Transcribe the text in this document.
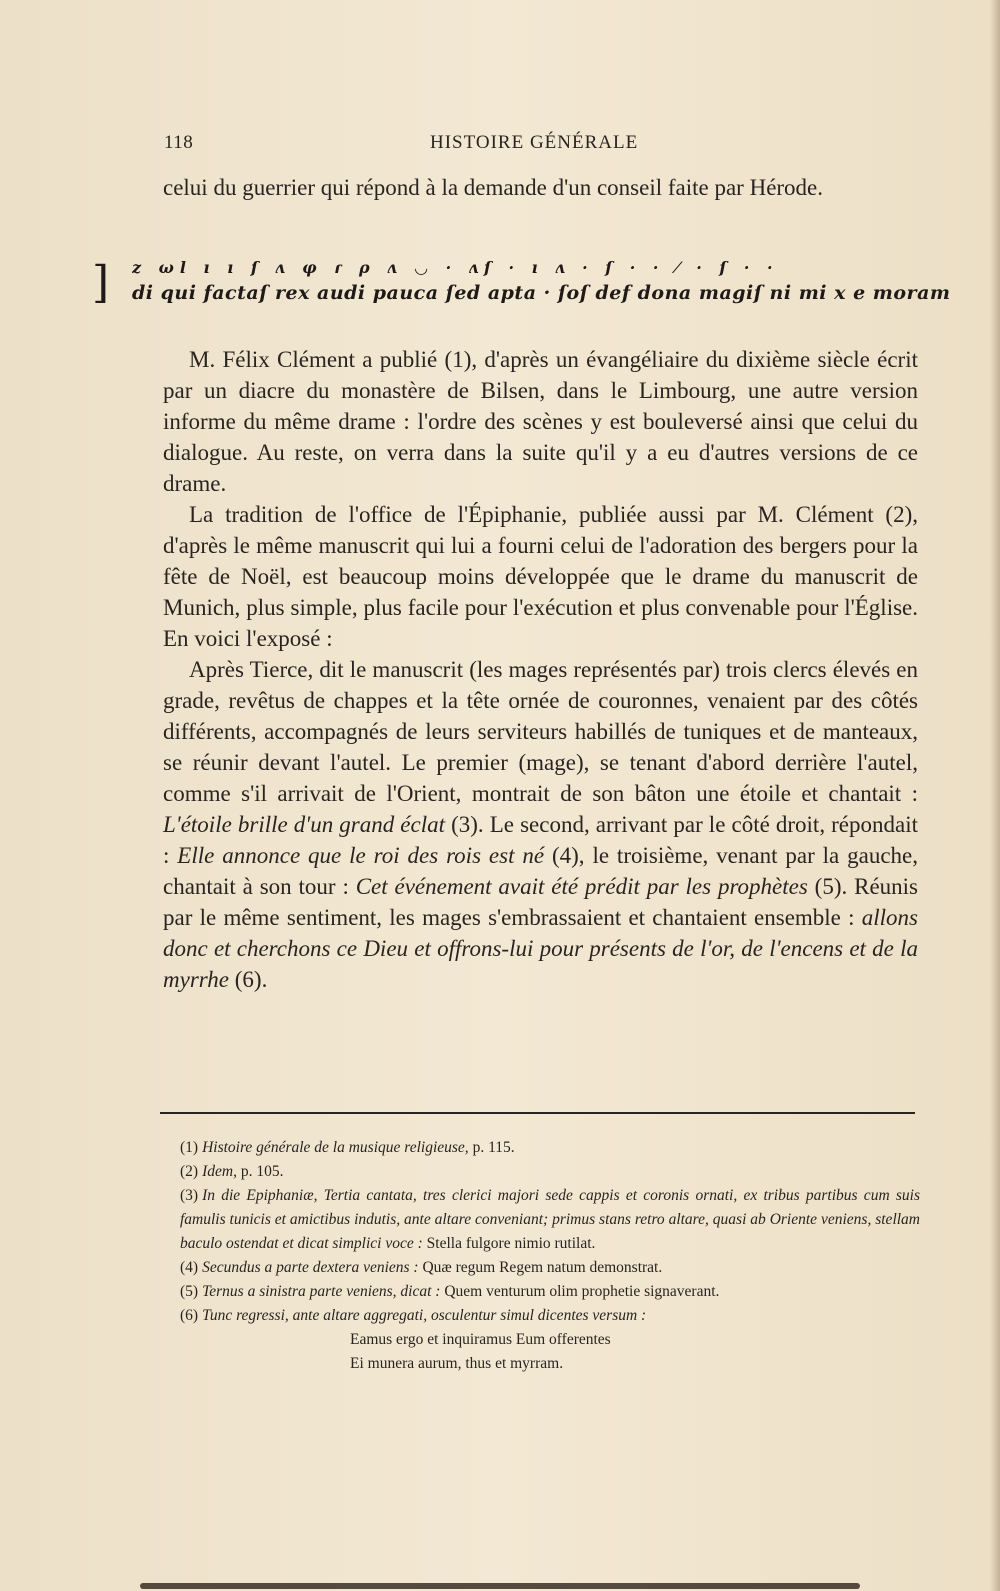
118	HISTOIRE GÉNÉRALE
celui du guerrier qui répond à la demande d'un conseil faite par Hérode.
] z ωl ı ı ſ ʌ φ ɾ ρ ʌ ◡ · ʌſ · ı ʌ · ſ · · ⁄ · ſ · ·
di qui factaſ rex audi pauca ſed apta · ſoſ def dona magiſ ni mi x e moram

M. Félix Clément a publié (1), d'après un évangéliaire du dixième siècle écrit par un diacre du monastère de Bilsen, dans le Limbourg, une autre version informe du même drame : l'ordre des scènes y est bouleversé ainsi que celui du dialogue. Au reste, on verra dans la suite qu'il y a eu d'autres versions de ce drame.

La tradition de l'office de l'Épiphanie, publiée aussi par M. Clément (2), d'après le même manuscrit qui lui a fourni celui de l'adoration des bergers pour la fête de Noël, est beaucoup moins développée que le drame du manuscrit de Munich, plus simple, plus facile pour l'exécution et plus convenable pour l'Église. En voici l'exposé :

Après Tierce, dit le manuscrit (les mages représentés par) trois clercs élevés en grade, revêtus de chappes et la tête ornée de couronnes, venaient par des côtés différents, accompagnés de leurs serviteurs habillés de tuniques et de manteaux, se réunir devant l'autel. Le premier (mage), se tenant d'abord derrière l'autel, comme s'il arrivait de l'Orient, montrait de son bâton une étoile et chantait : L'étoile brille d'un grand éclat (3). Le second, arrivant par le côté droit, répondait : Elle annonce que le roi des rois est né (4), le troisième, venant par la gauche, chantait à son tour : Cet événement avait été prédit par les prophètes (5). Réunis par le même sentiment, les mages s'embrassaient et chantaient ensemble : allons donc et cherchons ce Dieu et offrons-lui pour présents de l'or, de l'encens et de la myrrhe (6).

(1) Histoire générale de la musique religieuse, p. 115.

(2) Idem, p. 105.

(3) In die Epiphaniæ, Tertia cantata, tres clerici majori sede cappis et coronis ornati, ex tribus partibus cum suis famulis tunicis et amictibus indutis, ante altare conveniant; primus stans retro altare, quasi ab Oriente veniens, stellam baculo ostendat et dicat simplici voce : Stella fulgore nimio rutilat.

(4) Secundus a parte dextera veniens : Quæ regum Regem natum demonstrat.

(5) Ternus a sinistra parte veniens, dicat : Quem venturum olim prophetie signaverant.

(6) Tunc regressi, ante altare aggregati, osculentur simul dicentes versum :

Eamus ergo et inquiramus Eum offerentes

Ei munera aurum, thus et myrram.
